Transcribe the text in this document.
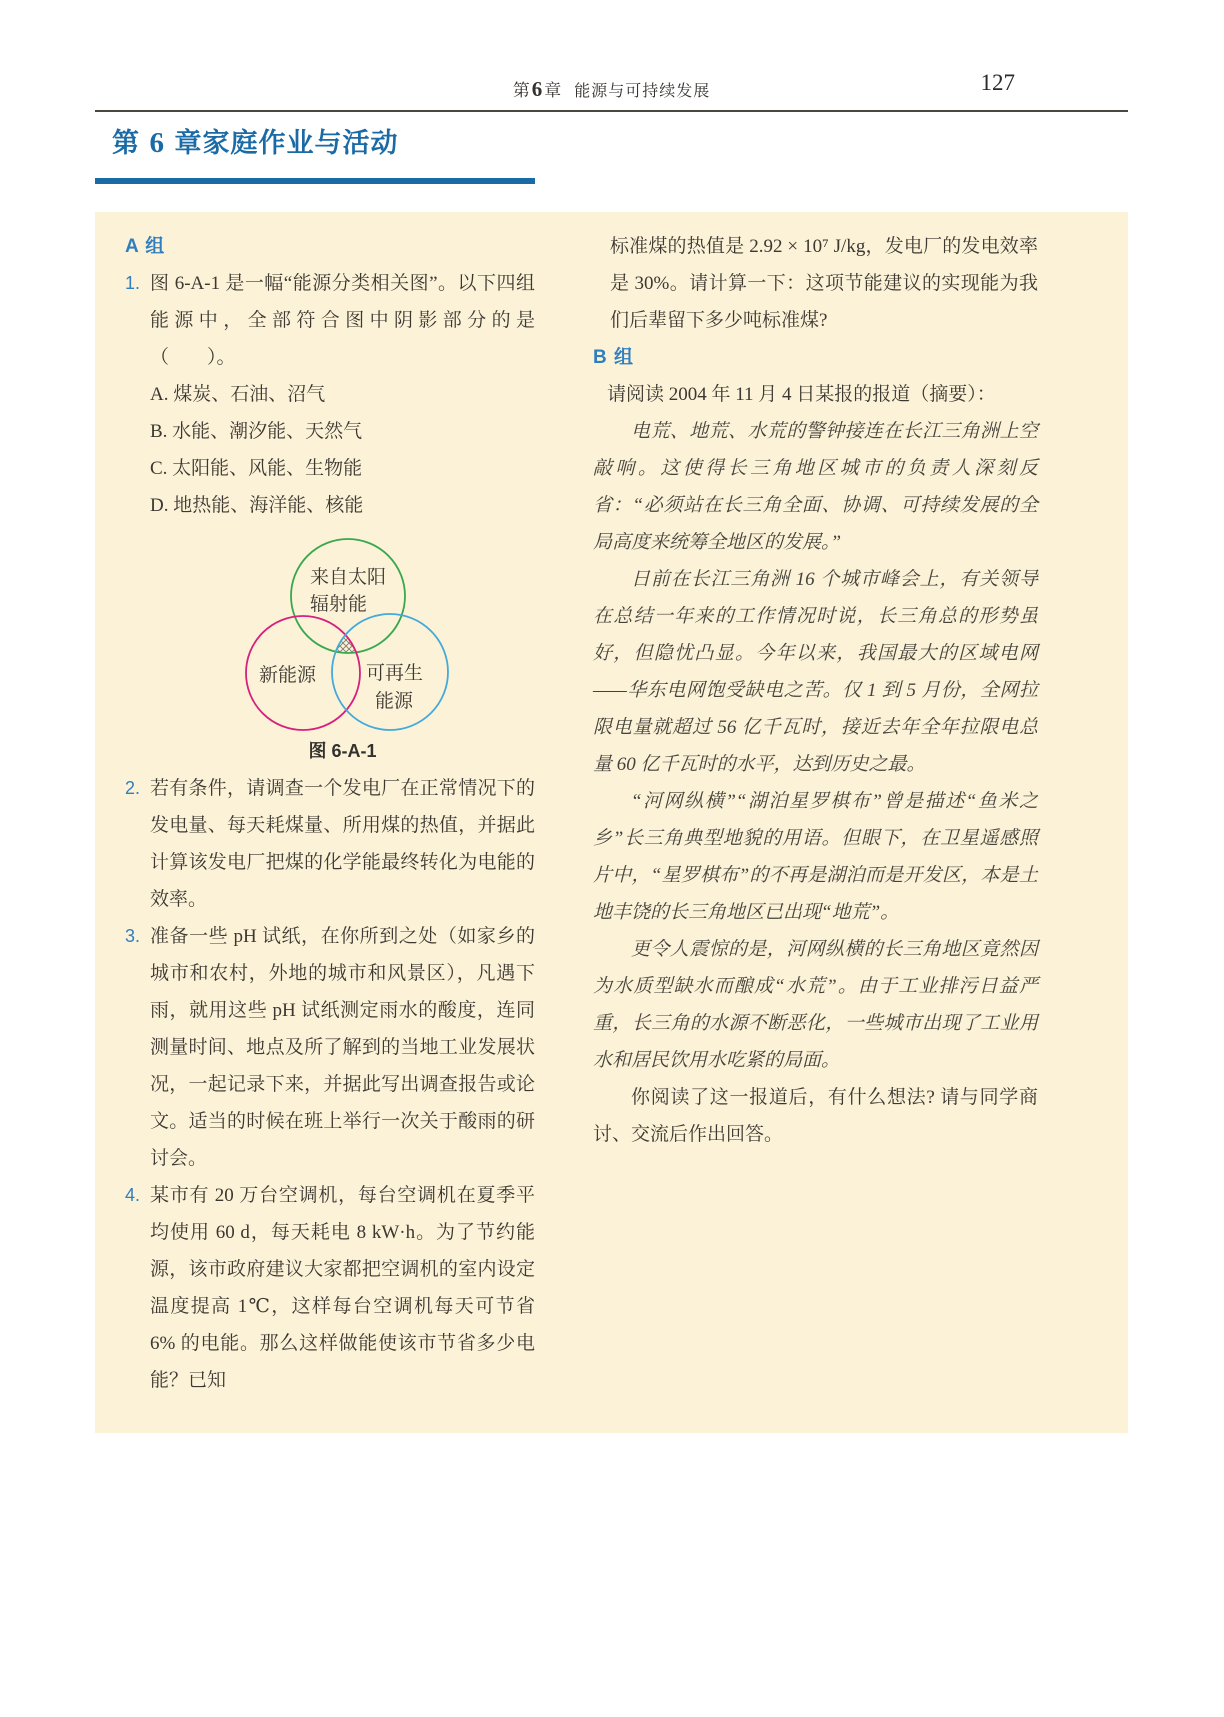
第6 章 能源与可持续发展	127
第 6 章家庭作业与活动
A 组
1. 图 6-A-1 是一幅“能源分类相关图”。以下四组能源中，全部符合图中阴影部分的是（　　）。
A. 煤炭、石油、沼气
B. 水能、潮汐能、天然气
C. 太阳能、风能、生物能
D. 地热能、海洋能、核能
来自太阳
辐射能
新能源	可再生
能源
图 6-A-1
2. 若有条件，请调查一个发电厂在正常情况下的发电量、每天耗煤量、所用煤的热值，并据此计算该发电厂把煤的化学能最终转化为电能的效率。
3. 准备一些 pH 试纸，在你所到之处（如家乡的城市和农村，外地的城市和风景区），凡遇下雨，就用这些 pH 试纸测定雨水的酸度，连同测量时间、地点及所了解到的当地工业发展状况，一起记录下来，并据此写出调查报告或论文。适当的时候在班上举行一次关于酸雨的研讨会。
4. 某市有 20 万台空调机，每台空调机在夏季平均使用 60 d，每天耗电 8 kW·h。为了节约能源，该市政府建议大家都把空调机的室内设定温度提高 1℃，这样每台空调机每天可节省 6% 的电能。那么这样做能使该市节省多少电能？已知
标准煤的热值是 2.92 × 10⁷ J/kg，发电厂的发电效率是 30%。请计算一下：这项节能建议的实现能为我们后辈留下多少吨标准煤?
B 组
请阅读 2004 年 11 月 4 日某报的报道（摘要）：

电荒、地荒、水荒的警钟接连在长江三角洲上空敲响。这使得长三角地区城市的负责人深刻反省：“必须站在长三角全面、协调、可持续发展的全局高度来统筹全地区的发展。”

日前在长江三角洲 16 个城市峰会上，有关领导在总结一年来的工作情况时说，长三角总的形势虽好，但隐忧凸显。今年以来，我国最大的区域电网——华东电网饱受缺电之苦。仅 1 到 5 月份，全网拉限电量就超过 56 亿千瓦时，接近去年全年拉限电总量 60 亿千瓦时的水平，达到历史之最。

“河网纵横”“湖泊星罗棋布”曾是描述“鱼米之乡”长三角典型地貌的用语。但眼下，在卫星遥感照片中，“星罗棋布”的不再是湖泊而是开发区，本是土地丰饶的长三角地区已出现“地荒”。

更令人震惊的是，河网纵横的长三角地区竟然因为水质型缺水而酿成“水荒”。由于工业排污日益严重，长三角的水源不断恶化，一些城市出现了工业用水和居民饮用水吃紧的局面。

你阅读了这一报道后，有什么想法? 请与同学商讨、交流后作出回答。
